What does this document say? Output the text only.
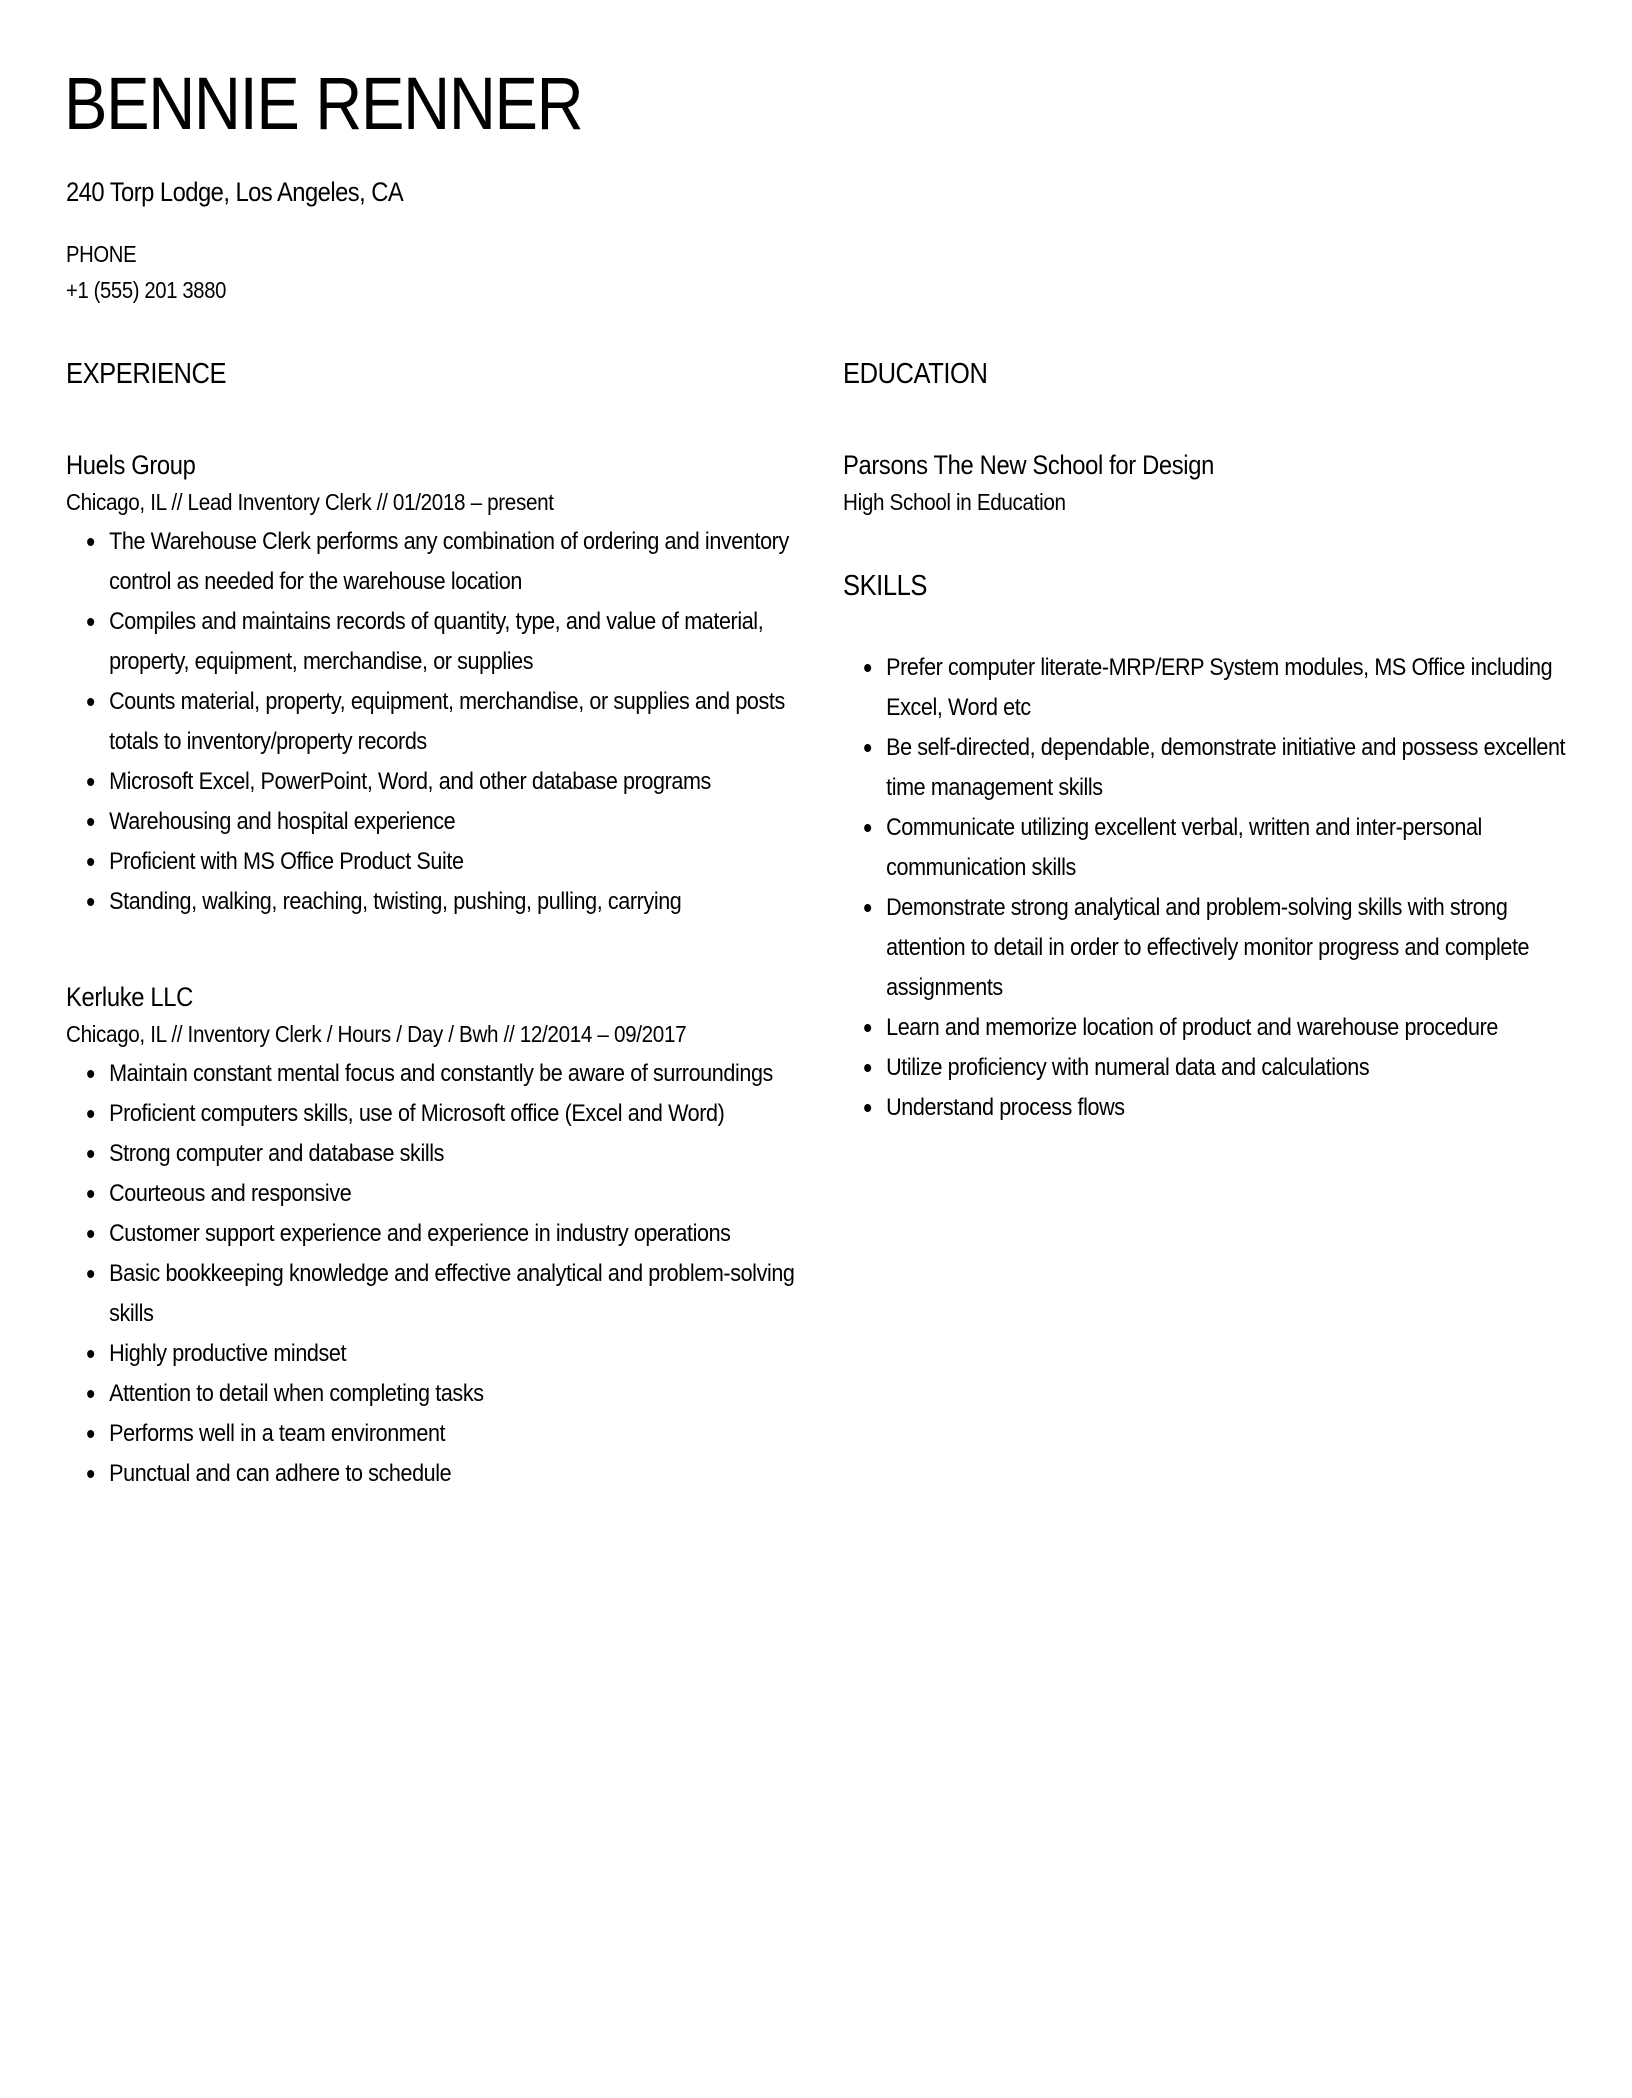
BENNIE RENNER
240 Torp Lodge, Los Angeles, CA
PHONE
+1 (555) 201 3880
EXPERIENCE
Huels Group
Chicago, IL // Lead Inventory Clerk // 01/2018 – present
The Warehouse Clerk performs any combination of ordering and inventory control as needed for the warehouse location
Compiles and maintains records of quantity, type, and value of material, property, equipment, merchandise, or supplies
Counts material, property, equipment, merchandise, or supplies and posts totals to inventory/property records
Microsoft Excel, PowerPoint, Word, and other database programs
Warehousing and hospital experience
Proficient with MS Office Product Suite
Standing, walking, reaching, twisting, pushing, pulling, carrying
Kerluke LLC
Chicago, IL // Inventory Clerk / Hours / Day / Bwh // 12/2014 – 09/2017
Maintain constant mental focus and constantly be aware of surroundings
Proficient computers skills, use of Microsoft office (Excel and Word)
Strong computer and database skills
Courteous and responsive
Customer support experience and experience in industry operations
Basic bookkeeping knowledge and effective analytical and problem-solving skills
Highly productive mindset
Attention to detail when completing tasks
Performs well in a team environment
Punctual and can adhere to schedule
EDUCATION
Parsons The New School for Design
High School in Education
SKILLS
Prefer computer literate-MRP/ERP System modules, MS Office including Excel, Word etc
Be self-directed, dependable, demonstrate initiative and possess excellent time management skills
Communicate utilizing excellent verbal, written and inter-personal communication skills
Demonstrate strong analytical and problem-solving skills with strong attention to detail in order to effectively monitor progress and complete assignments
Learn and memorize location of product and warehouse procedure
Utilize proficiency with numeral data and calculations
Understand process flows
